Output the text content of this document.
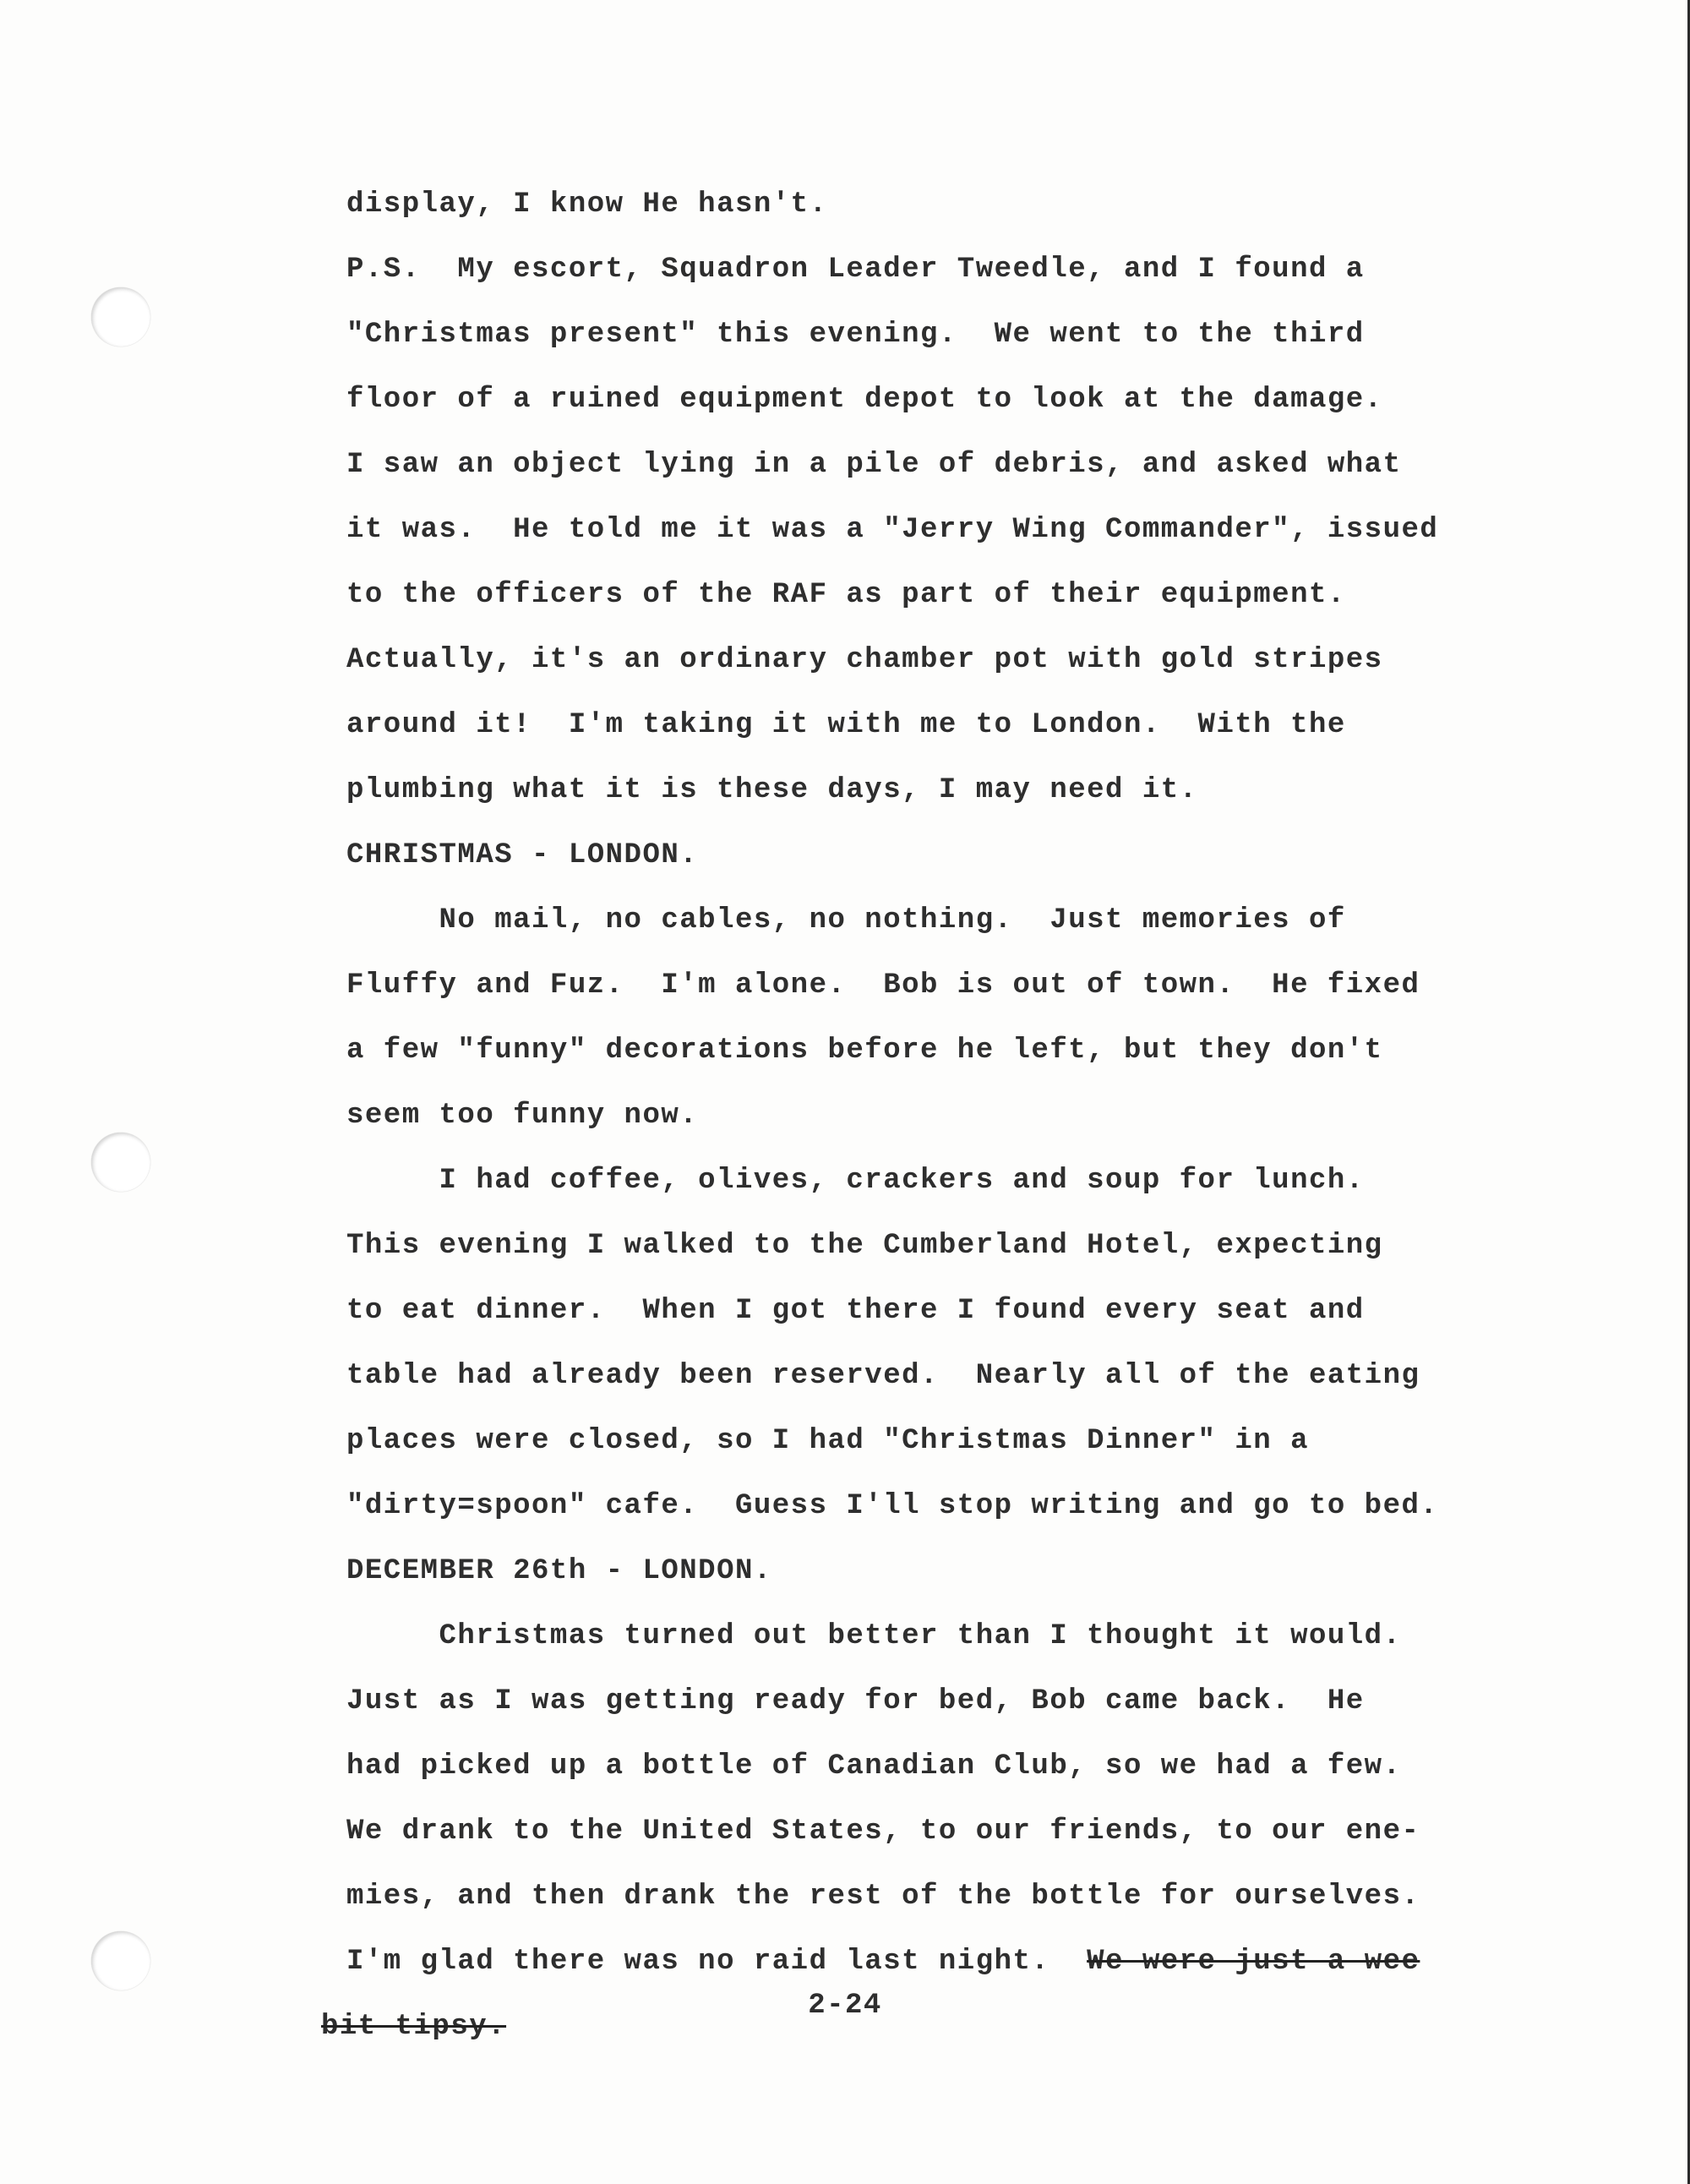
display, I know He hasn't.
P.S.  My escort, Squadron Leader Tweedle, and I found a
"Christmas present" this evening.  We went to the third
floor of a ruined equipment depot to look at the damage.
I saw an object lying in a pile of debris, and asked what
it was.  He told me it was a "Jerry Wing Commander", issued
to the officers of the RAF as part of their equipment.
Actually, it's an ordinary chamber pot with gold stripes
around it!  I'm taking it with me to London.  With the
plumbing what it is these days, I may need it.
CHRISTMAS - LONDON.
No mail, no cables, no nothing.  Just memories of
Fluffy and Fuz.  I'm alone.  Bob is out of town.  He fixed
a few "funny" decorations before he left, but they don't
seem too funny now.
I had coffee, olives, crackers and soup for lunch.
This evening I walked to the Cumberland Hotel, expecting
to eat dinner.  When I got there I found every seat and
table had already been reserved.  Nearly all of the eating
places were closed, so I had "Christmas Dinner" in a
"dirty=spoon" cafe.  Guess I'll stop writing and go to bed.
DECEMBER 26th - LONDON.
Christmas turned out better than I thought it would.
Just as I was getting ready for bed, Bob came back.  He
had picked up a bottle of Canadian Club, so we had a few.
We drank to the United States, to our friends, to our ene-
mies, and then drank the rest of the bottle for ourselves.
I'm glad there was no raid last night.  We were just a wee
bit tipsy.
2-24
